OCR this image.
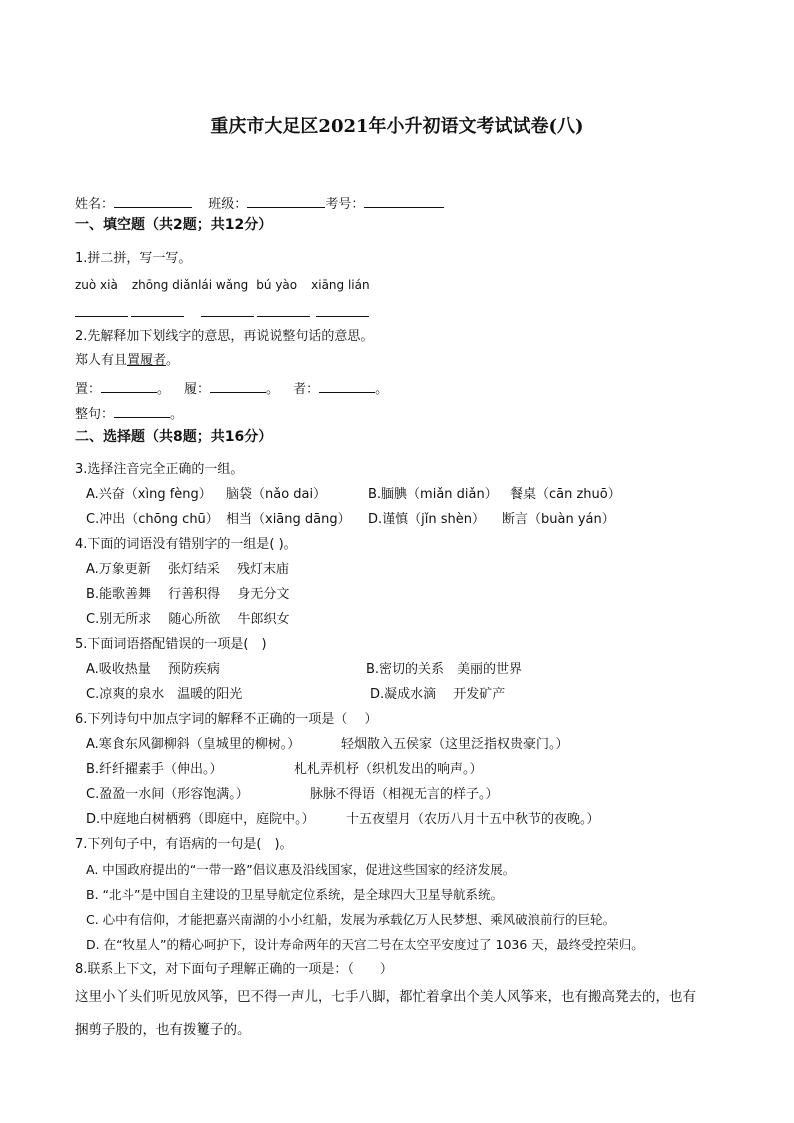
重庆市大足区2021年小升初语文考试试卷(八)
姓名：	班级：	考号：
一、填空题（共2题；共12分）
1.拼二拼，写一写。
zuò xià zhōng diǎnlái wǎng bú yào xiāng lián
2.先解释加下划线字的意思，再说说整句话的意思。
郑人有且置履者。
置：	。 履：	。 者：	。
整句：	。
二、选择题（共8题；共16分）
3.选择注音完全正确的一组。
A.兴奋（xìng fèng） 脑袋（nǎo dai）	B.腼腆（miǎn diǎn） 餐桌（cān zhuō）
C.冲出（chōng chū） 相当（xiāng dāng） D.谨慎（jǐn shèn） 断言（buàn yán）
4.下面的词语没有错别字的一组是( )。
A.万象更新　 张灯结采　 残灯末庙
B.能歌善舞　 行善积得　 身无分文
C.别无所求　 随心所欲　 牛郎织女
5.下面词语搭配错误的一项是(　)
A.吸收热量　 预防疾病	B.密切的关系　美丽的世界
C.凉爽的泉水　温暖的阳光	D.凝成水滴　 开发矿产
6.下列诗句中加点字词的解释不正确的一项是（　 ）
A.寒食东风御柳斜（皇城里的柳树。）	轻烟散入五侯家（这里泛指权贵豪门。）
B.纤纤擢素手（伸出。）	札札弄机杼（织机发出的响声。）
C.盈盈一水间（形容饱满。）	脉脉不得语（相视无言的样子。）
D.中庭地白树栖鸦（即庭中，庭院中。） 十五夜望月（农历八月十五中秋节的夜晚。）
7.下列句子中，有语病的一句是(　)。
A. 中国政府提出的“一带一路”倡议惠及沿线国家，促进这些国家的经济发展。
B. “北斗”是中国自主建设的卫星导航定位系统，是全球四大卫星导航系统。
C. 心中有信仰，才能把嘉兴南湖的小小红船，发展为承载亿万人民梦想、乘风破浪前行的巨轮。
D. 在“牧星人”的精心呵护下，设计寿命两年的天宫二号在太空平安度过了 1036 天，最终受控荣归。
8.联系上下文，对下面句子理解正确的一项是：（　　）
这里小丫头们听见放风筝，巴不得一声儿，七手八脚，都忙着拿出个美人风筝来，也有搬高凳去的，也有
捆剪子股的，也有拨籰子的。
